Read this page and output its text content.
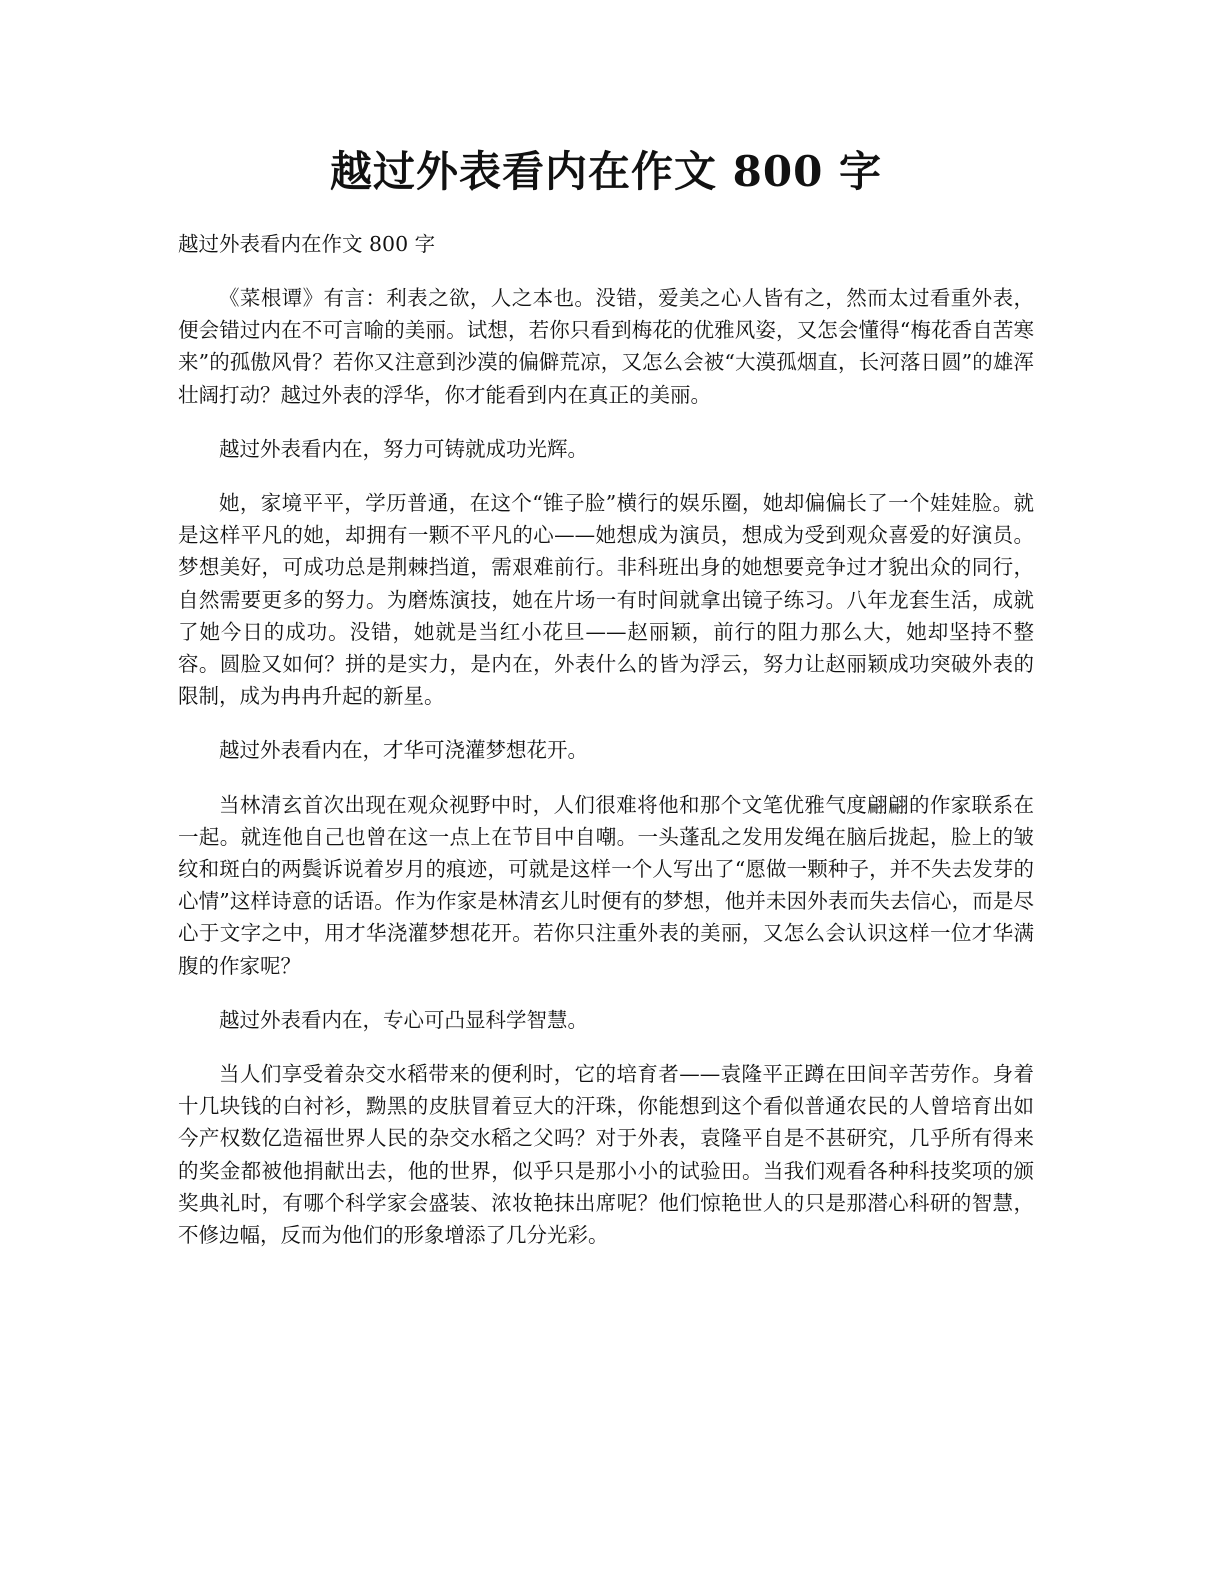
越过外表看内在作文 800 字

越过外表看内在作文 800 字

《菜根谭》有言：利表之欲，人之本也。没错，爱美之心人皆有之，然而太过看重外表，便会错过内在不可言喻的美丽。试想，若你只看到梅花的优雅风姿，又怎会懂得“梅花香自苦寒来”的孤傲风骨？若你又注意到沙漠的偏僻荒凉，又怎么会被“大漠孤烟直，长河落日圆”的雄浑壮阔打动？越过外表的浮华，你才能看到内在真正的美丽。

越过外表看内在，努力可铸就成功光辉。

她，家境平平，学历普通，在这个“锥子脸”横行的娱乐圈，她却偏偏长了一个娃娃脸。就是这样平凡的她，却拥有一颗不平凡的心——她想成为演员，想成为受到观众喜爱的好演员。梦想美好，可成功总是荆棘挡道，需艰难前行。非科班出身的她想要竞争过才貌出众的同行，自然需要更多的努力。为磨炼演技，她在片场一有时间就拿出镜子练习。八年龙套生活，成就了她今日的成功。没错，她就是当红小花旦——赵丽颖，前行的阻力那么大，她却坚持不整容。圆脸又如何？拼的是实力，是内在，外表什么的皆为浮云，努力让赵丽颖成功突破外表的限制，成为冉冉升起的新星。

越过外表看内在，才华可浇灌梦想花开。

当林清玄首次出现在观众视野中时，人们很难将他和那个文笔优雅气度翩翩的作家联系在一起。就连他自己也曾在这一点上在节目中自嘲。一头蓬乱之发用发绳在脑后拢起，脸上的皱纹和斑白的两鬓诉说着岁月的痕迹，可就是这样一个人写出了“愿做一颗种子，并不失去发芽的心情”这样诗意的话语。作为作家是林清玄儿时便有的梦想，他并未因外表而失去信心，而是尽心于文字之中，用才华浇灌梦想花开。若你只注重外表的美丽，又怎么会认识这样一位才华满腹的作家呢？

越过外表看内在，专心可凸显科学智慧。

当人们享受着杂交水稻带来的便利时，它的培育者——袁隆平正蹲在田间辛苦劳作。身着十几块钱的白衬衫，黝黑的皮肤冒着豆大的汗珠，你能想到这个看似普通农民的人曾培育出如今产权数亿造福世界人民的杂交水稻之父吗？对于外表，袁隆平自是不甚研究，几乎所有得来的奖金都被他捐献出去，他的世界，似乎只是那小小的试验田。当我们观看各种科技奖项的颁奖典礼时，有哪个科学家会盛装、浓妆艳抹出席呢？他们惊艳世人的只是那潜心科研的智慧，不修边幅，反而为他们的形象增添了几分光彩。
